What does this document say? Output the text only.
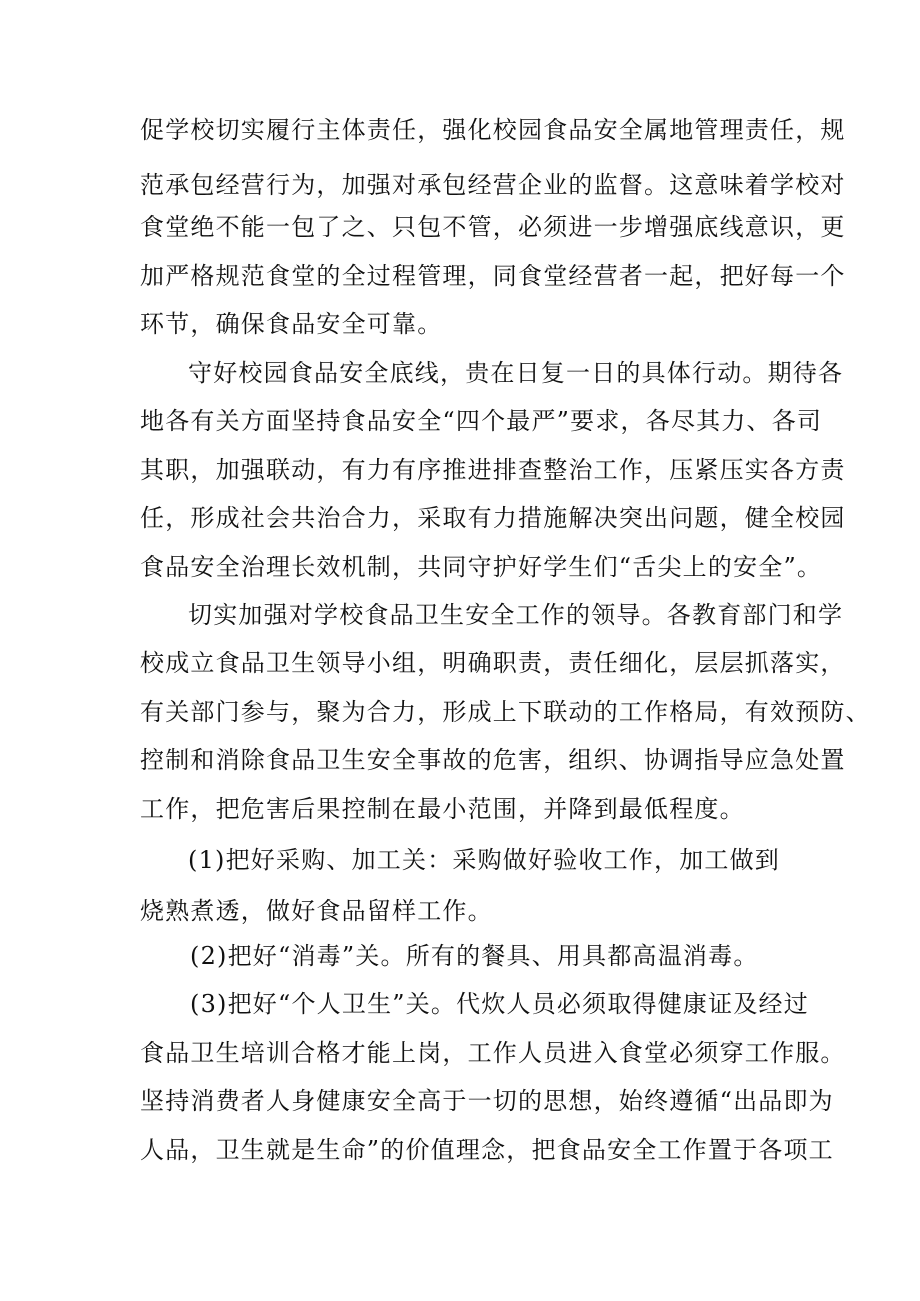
促学校切实履行主体责任，强化校园食品安全属地管理责任，规
范承包经营行为，加强对承包经营企业的监督。这意味着学校对
食堂绝不能一包了之、只包不管，必须进一步增强底线意识，更
加严格规范食堂的全过程管理，同食堂经营者一起，把好每一个
环节，确保食品安全可靠。
守好校园食品安全底线，贵在日复一日的具体行动。期待各
地各有关方面坚持食品安全“四个最严”要求，各尽其力、各司
其职，加强联动，有力有序推进排查整治工作，压紧压实各方责
任，形成社会共治合力，采取有力措施解决突出问题，健全校园
食品安全治理长效机制，共同守护好学生们“舌尖上的安全”。
切实加强对学校食品卫生安全工作的领导。各教育部门和学
校成立食品卫生领导小组，明确职责，责任细化，层层抓落实，
有关部门参与，聚为合力，形成上下联动的工作格局，有效预防、
控制和消除食品卫生安全事故的危害，组织、协调指导应急处置
工作，把危害后果控制在最小范围，并降到最低程度。
(1)把好采购、加工关：采购做好验收工作，加工做到
烧熟煮透，做好食品留样工作。
(2)把好“消毒”关。所有的餐具、用具都高温消毒。
(3)把好“个人卫生”关。代炊人员必须取得健康证及经过
食品卫生培训合格才能上岗，工作人员进入食堂必须穿工作服。
坚持消费者人身健康安全高于一切的思想，始终遵循“出品即为
人品，卫生就是生命”的价值理念，把食品安全工作置于各项工
